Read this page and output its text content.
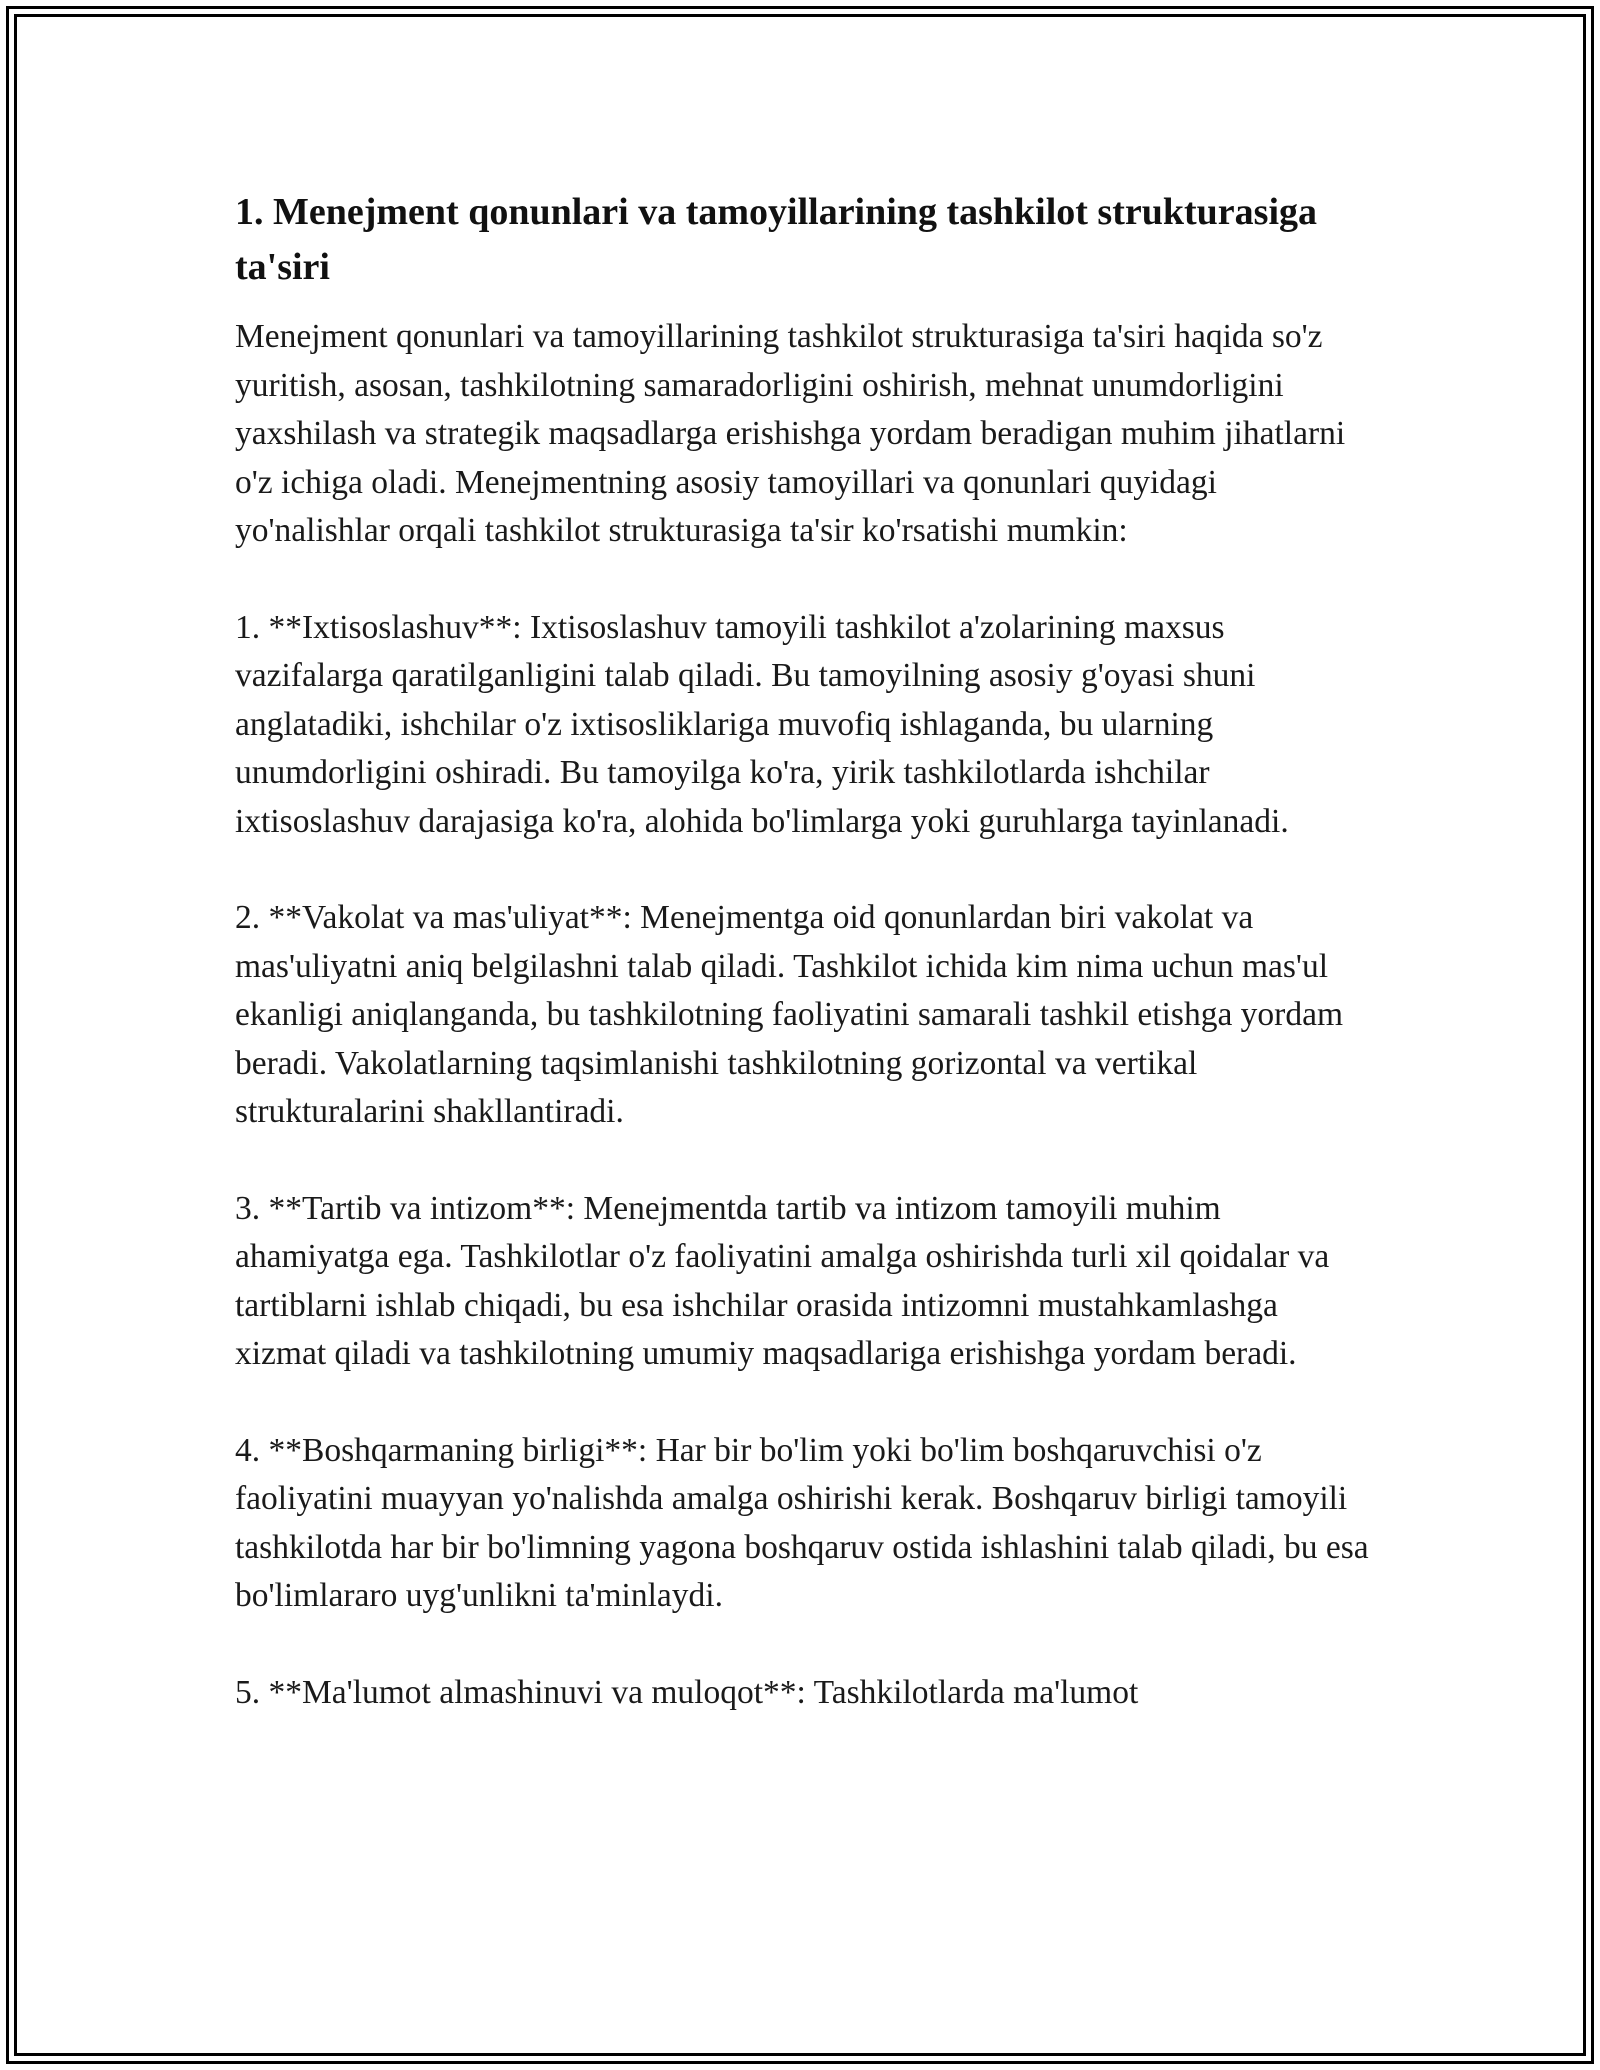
1. Menejment qonunlari va tamoyillarining tashkilot strukturasiga ta'siri

Menejment qonunlari va tamoyillarining tashkilot strukturasiga ta'siri haqida so'z yuritish, asosan, tashkilotning samaradorligini oshirish, mehnat unumdorligini yaxshilash va strategik maqsadlarga erishishga yordam beradigan muhim jihatlarni o'z ichiga oladi. Menejmentning asosiy tamoyillari va qonunlari quyidagi yo'nalishlar orqali tashkilot strukturasiga ta'sir ko'rsatishi mumkin:

1. **Ixtisoslashuv**: Ixtisoslashuv tamoyili tashkilot a'zolarining maxsus vazifalarga qaratilganligini talab qiladi. Bu tamoyilning asosiy g'oyasi shuni anglatadiki, ishchilar o'z ixtisosliklariga muvofiq ishlaganda, bu ularning unumdorligini oshiradi. Bu tamoyilga ko'ra, yirik tashkilotlarda ishchilar ixtisoslashuv darajasiga ko'ra, alohida bo'limlarga yoki guruhlarga tayinlanadi.

2. **Vakolat va mas'uliyat**: Menejmentga oid qonunlardan biri vakolat va mas'uliyatni aniq belgilashni talab qiladi. Tashkilot ichida kim nima uchun mas'ul ekanligi aniqlanganda, bu tashkilotning faoliyatini samarali tashkil etishga yordam beradi. Vakolatlarning taqsimlanishi tashkilotning gorizontal va vertikal strukturalarini shakllantiradi.

3. **Tartib va intizom**: Menejmentda tartib va intizom tamoyili muhim ahamiyatga ega. Tashkilotlar o'z faoliyatini amalga oshirishda turli xil qoidalar va tartiblarni ishlab chiqadi, bu esa ishchilar orasida intizomni mustahkamlashga xizmat qiladi va tashkilotning umumiy maqsadlariga erishishga yordam beradi.

4. **Boshqarmaning birligi**: Har bir bo'lim yoki bo'lim boshqaruvchisi o'z faoliyatini muayyan yo'nalishda amalga oshirishi kerak. Boshqaruv birligi tamoyili tashkilotda har bir bo'limning yagona boshqaruv ostida ishlashini talab qiladi, bu esa bo'limlararo uyg'unlikni ta'minlaydi.

5. **Ma'lumot almashinuvi va muloqot**: Tashkilotlarda ma'lumot
